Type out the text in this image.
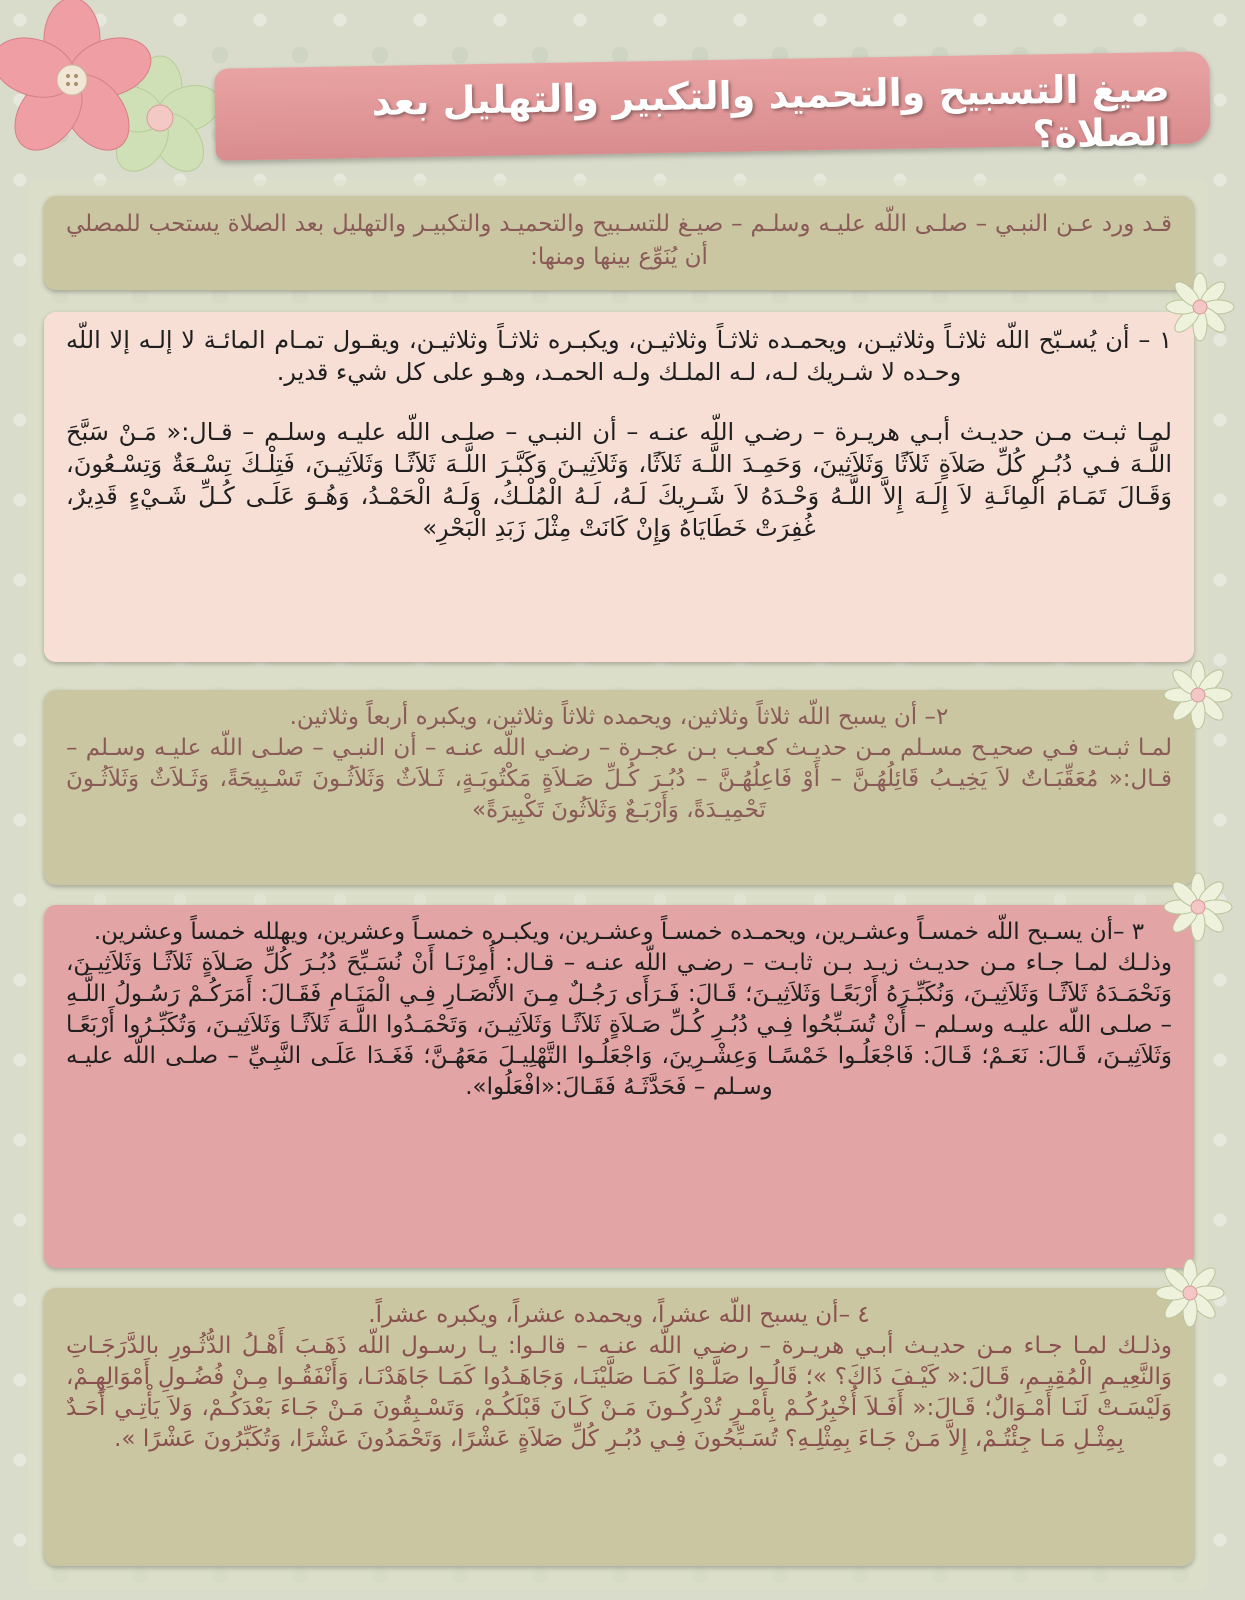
صيغ التسبيح والتحميد والتكبير والتهليل بعد الصلاة؟

قـد ورد عـن النبـي – صلـى اللّه عليـه وسلـم – صيـغ للتسـبيح والتحميـد والتكبيـر والتهليل بعد الصلاة يستحب للمصلي أن يُنَوِّع بينها ومنها:

١ – أن يُسـبّح اللّه ثلاثـاً وثلاثيـن، ويحمـده ثلاثـاً وثلاثيـن، ويكبـره ثلاثـاً وثلاثيـن، ويقـول تمـام المائـة لا إلـه إلا اللّه وحـده لا شـريك لـه، لـه الملـك ولـه الحمـد، وهـو على كل شيء قدير.

لمـا ثبـت مـن حديـث أبـي هريـرة – رضـي اللّه عنـه – أن النبـي – صلـى اللّه عليـه وسلـم – قـال:« مَـنْ سَبَّحَ اللَّـهَ فـي دُبُـرِ كُلِّ صَلاَةٍ ثَلاَثًا وَثَلاَثِينَ، وَحَمِـدَ اللَّـهَ ثَلاَثًا، وَثَلاَثِيـنَ وَكَبَّـرَ اللَّـهَ ثَلاَثًـا وَثَلاَثِيـنَ، فَتِلْـكَ تِسْـعَةٌ وَتِسْـعُونَ، وَقَـالَ تَمَـامَ الْمِائَـةِ لاَ إِلَـهَ إِلاَّ اللَّـهُ وَحْـدَهُ لاَ شَـرِيكَ لَـهُ، لَـهُ الْمُلْـكُ، وَلَـهُ الْحَمْـدُ، وَهُـوَ عَلَـى كُـلِّ شَـيْءٍ قَدِيرٌ، غُفِرَتْ خَطَايَاهُ وَإِنْ كَانَتْ مِثْلَ زَبَدِ الْبَحْرِ»

٢– أن يسبح اللّه ثلاثاً وثلاثين، ويحمده ثلاثاً وثلاثين، ويكبره أربعاً وثلاثين.

لمـا ثبـت فـي صحيـح مسـلم مـن حديـث كعـب بـن عجـرة – رضـي اللّه عنـه – أن النبـي – صلـى اللّه عليـه وسـلم – قـال:« مُعَقِّبَـاتٌ لاَ يَخِيـبُ قَائِلُهُـنَّ – أَوْ فَاعِلُهُـنَّ – دُبُـرَ كُـلِّ صَـلاَةٍ مَكْتُوبَـةٍ، ثَـلاَثٌ وَثَلاَثُـونَ تَسْـبِيحَةً، وَثَـلاَثٌ وَثَلاَثُـونَ تَحْمِيـدَةً، وَأَرْبَـعٌ وَثَلاَثُونَ تَكْبِيرَةً»

٣ –أن يسـبح اللّه خمسـاً وعشـرين، ويحمـده خمسـاً وعشـرين، ويكبـره خمسـاً وعشرين، ويهلله خمساً وعشرين.

وذلـك لمـا جـاء مـن حديـث زيـد بـن ثابـت – رضـي اللّه عنـه – قـال: أُمِرْنَـا أَنْ نُسَـبِّحَ دُبُـرَ كُلِّ صَـلاَةٍ ثَلاَثًـا وَثَلاَثِيـنَ، وَنَحْمَـدَهُ ثَلاَثًـا وَثَلاَثِيـنَ، وَنُكَبِّـرَهُ أَرْبَعًـا وَثَلاَثِيـنَ؛ قَـالَ: فَـرَأَى رَجُـلٌ مِـنَ الأَنْصَـارِ فِـي الْمَنَـامِ فَقَـالَ: أَمَرَكُـمْ رَسُـولُ اللَّـهِ – صلـى اللّه عليـه وسـلم – أَنْ تُسَـبِّحُوا فِـي دُبُـرِ كُـلِّ صَـلاَةٍ ثَلاَثًـا وَثَلاَثِيـنَ، وَتَحْمَـدُوا اللَّـهَ ثَلاَثًـا وَثَلاَثِيـنَ، وَتُكَبِّـرُوا أَرْبَعًـا وَثَلاَثِيـنَ، قَـالَ: نَعَـمْ؛ قَـالَ: فَاجْعَلُـوا خَمْسًـا وَعِشْـرِينَ، وَاجْعَلُـوا التَّهْلِيـلَ مَعَهُـنَّ؛ فَغَـدَا عَلَـى النَّبِـيِّ – صلـى اللّه عليـه وسـلم – فَحَدَّثَـهُ فَقَـالَ:«افْعَلُوا».

٤ –أن يسبح اللّه عشراً، ويحمده عشراً، ويكبره عشراً.

وذلـك لمـا جـاء مـن حديـث أبـي هريـرة – رضـي اللّه عنـه – قالـوا: يـا رسـول اللّه ذَهَـبَ أَهْـلُ الدُّثُـورِ بالدَّرَجَـاتِ وَالنَّعِيـمِ الْمُقِيـمِ، قَـالَ:« كَيْـفَ ذَاكَ؟ »؛ قَالُـوا صَلَّـوْا كَمَـا صَلَّيْنَـا، وَجَاهَـدُوا كَمَـا جَاهَدْنَـا، وَأَنْفَقُـوا مِـنْ فُضُـولِ أَمْوَالِهِـمْ، وَلَيْسَـتْ لَنَـا أَمْـوَالٌ؛ قَـالَ:« أَفَـلاَ أُخْبِرُكُـمْ بِأَمْـرٍ تُدْرِكُـونَ مَـنْ كَـانَ قَبْلَكُـمْ، وَتَسْـبِقُونَ مَـنْ جَـاءَ بَعْدَكُـمْ، وَلاَ يَأْتِـي أَحَـدٌ بِمِثْـلِ مَـا جِئْتُـمْ، إِلاَّ مَـنْ جَـاءَ بِمِثْلِـهِ؟ تُسَـبِّحُونَ فِـي دُبُـرِ كُلِّ صَلاَةٍ عَشْرًا، وَتَحْمَدُونَ عَشْرًا، وَتُكَبِّرُونَ عَشْرًا ».
